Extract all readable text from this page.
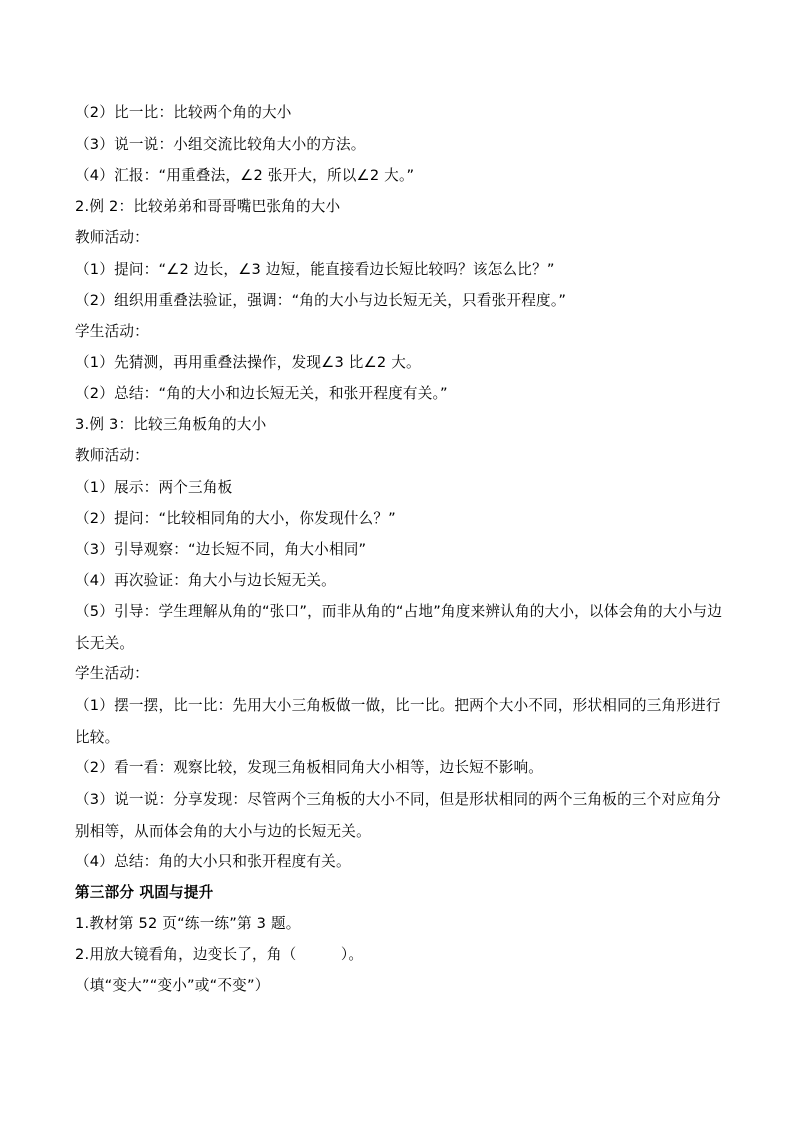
（2）比一比：比较两个角的大小
（3）说一说：小组交流比较角大小的方法。
（4）汇报：“用重叠法，∠2 张开大，所以∠2 大。”
2.例 2：比较弟弟和哥哥嘴巴张角的大小
教师活动：
（1）提问：“∠2 边长，∠3 边短，能直接看边长短比较吗？该怎么比？”
（2）组织用重叠法验证，强调：“角的大小与边长短无关，只看张开程度。”
学生活动：
（1）先猜测，再用重叠法操作，发现∠3 比∠2 大。
（2）总结：“角的大小和边长短无关，和张开程度有关。”
3.例 3：比较三角板角的大小
教师活动：
（1）展示：两个三角板
（2）提问：“比较相同角的大小，你发现什么？”
（3）引导观察：“边长短不同，角大小相同”
（4）再次验证：角大小与边长短无关。
（5）引导：学生理解从角的“张口”，而非从角的“占地”角度来辨认角的大小，以体会角的大小与边长无关。
学生活动：
（1）摆一摆，比一比：先用大小三角板做一做，比一比。把两个大小不同，形状相同的三角形进行比较。
（2）看一看：观察比较，发现三角板相同角大小相等，边长短不影响。
（3）说一说：分享发现：尽管两个三角板的大小不同，但是形状相同的两个三角板的三个对应角分别相等，从而体会角的大小与边的长短无关。
（4）总结：角的大小只和张开程度有关。
第三部分 巩固与提升
1.教材第 52 页“练一练”第 3 题。
2.用放大镜看角，边变长了，角（　　　）。
（填“变大”“变小”或“不变”）
